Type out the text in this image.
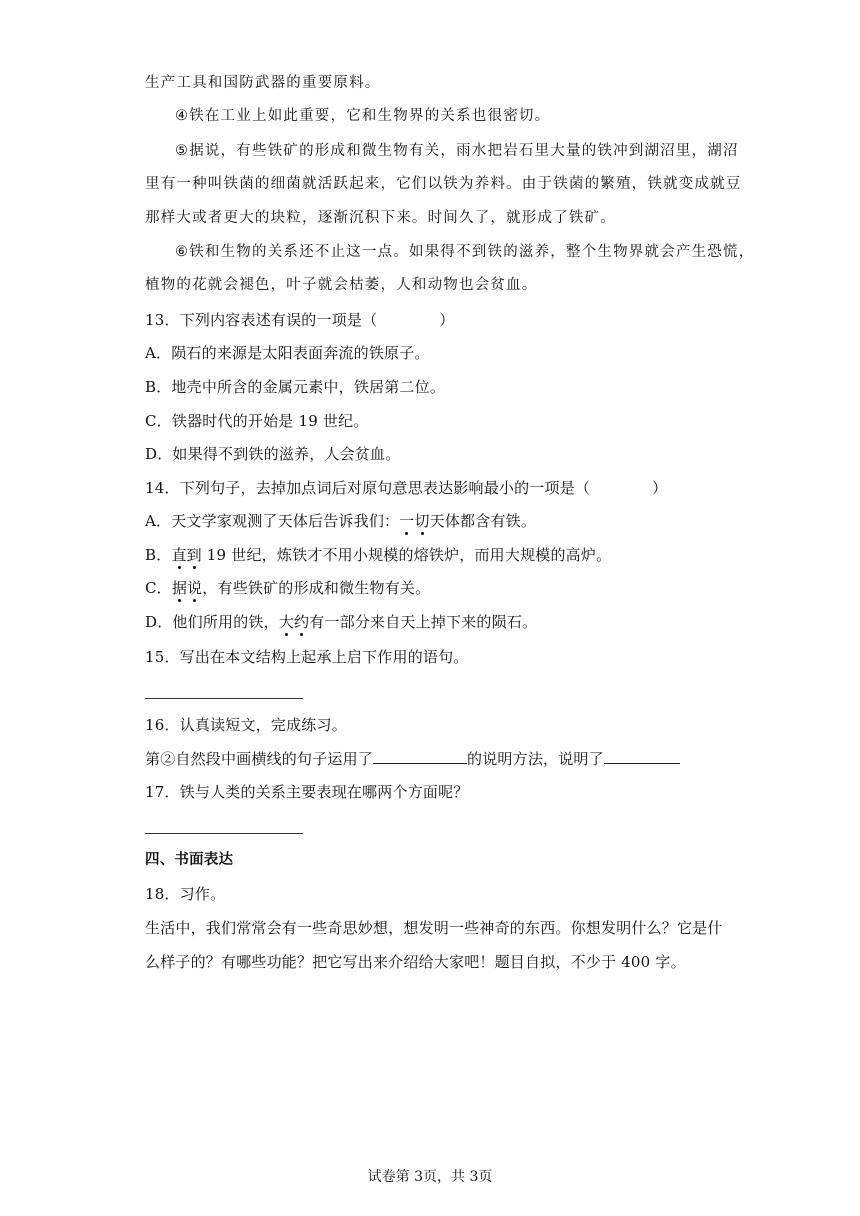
生产工具和国防武器的重要原料。
④铁在工业上如此重要，它和生物界的关系也很密切。
⑤据说，有些铁矿的形成和微生物有关，雨水把岩石里大量的铁冲到湖沼里，湖沼
里有一种叫铁菌的细菌就活跃起来，它们以铁为养料。由于铁菌的繁殖，铁就变成就豆
那样大或者更大的块粒，逐渐沉积下来。时间久了，就形成了铁矿。
⑥铁和生物的关系还不止这一点。如果得不到铁的滋养，整个生物界就会产生恐慌，
植物的花就会褪色，叶子就会枯萎，人和动物也会贫血。
13．下列内容表述有误的一项是（	）
A．陨石的来源是太阳表面奔流的铁原子。
B．地壳中所含的金属元素中，铁居第二位。
C．铁器时代的开始是 19 世纪。
D．如果得不到铁的滋养，人会贫血。
14．下列句子，去掉加点词后对原句意思表达影响最小的一项是（	）
A．天文学家观测了天体后告诉我们：一切天体都含有铁。
B．直到 19 世纪，炼铁才不用小规模的熔铁炉，而用大规模的高炉。
C．据说，有些铁矿的形成和微生物有关。
D．他们所用的铁，大约有一部分来自天上掉下来的陨石。
15．写出在本文结构上起承上启下作用的语句。
16．认真读短文，完成练习。
第②自然段中画横线的句子运用了	的说明方法，说明了
17．铁与人类的关系主要表现在哪两个方面呢？
四、书面表达
18．习作。
生活中，我们常常会有一些奇思妙想，想发明一些神奇的东西。你想发明什么？它是什
么样子的？有哪些功能？把它写出来介绍给大家吧！题目自拟，不少于 400 字。
试卷第 3页，共 3页
